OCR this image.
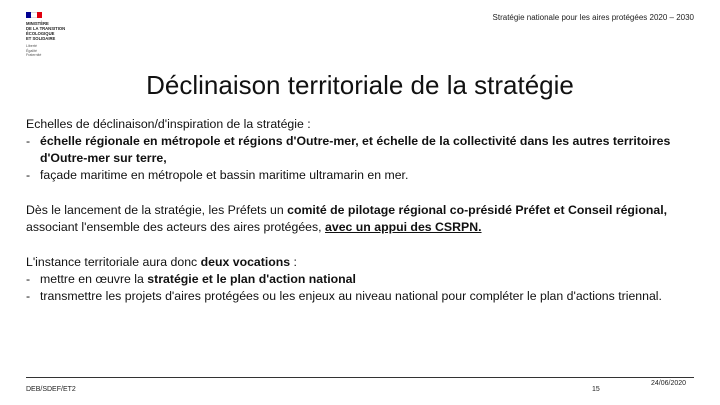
MINISTÈRE
DE LA TRANSITION
ÉCOLOGIQUE
ET SOLIDAIRE
Liberté
Égalité
Fraternité
Stratégie nationale pour les aires protégées 2020 – 2030
Déclinaison territoriale de la stratégie

Echelles de déclinaison/d'inspiration de la stratégie :

- échelle régionale en métropole et régions d'Outre-mer, et échelle de la collectivité dans les autres territoires d'Outre-mer sur terre,
- façade maritime en métropole et bassin maritime ultramarin en mer.

Dès le lancement de la stratégie, les Préfets un comité de pilotage régional co-présidé Préfet et Conseil régional, associant l'ensemble des acteurs des aires protégées, avec un appui des CSRPN.

L'instance territoriale aura donc deux vocations :

- mettre en œuvre la stratégie et le plan d'action national
- transmettre les projets d'aires protégées ou les enjeux au niveau national pour compléter le plan d'actions triennal.
DEB/SDEF/ET2	15
24/06/2020
